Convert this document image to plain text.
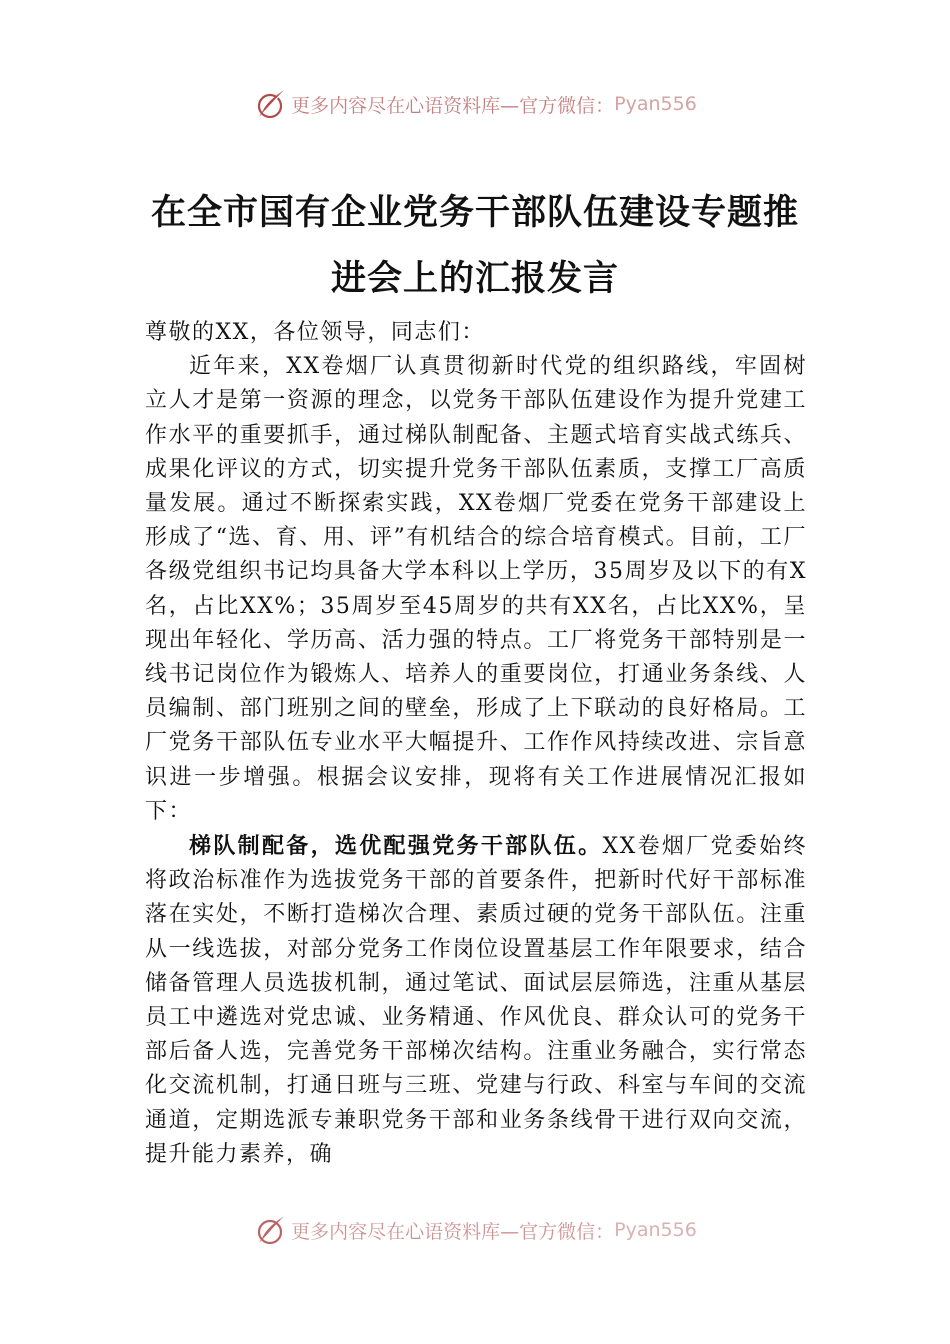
更多内容尽在心语资料库—官方微信： Pyan556
在全市国有企业党务干部队伍建设专题推进会上的汇报发言

尊敬的XX，各位领导，同志们：

近年来，XX卷烟厂认真贯彻新时代党的组织路线，牢固树立人才是第一资源的理念，以党务干部队伍建设作为提升党建工作水平的重要抓手，通过梯队制配备、主题式培育实战式练兵、成果化评议的方式，切实提升党务干部队伍素质，支撑工厂高质量发展。通过不断探索实践，XX卷烟厂党委在党务干部建设上形成了“选、育、用、评”有机结合的综合培育模式。目前，工厂各级党组织书记均具备大学本科以上学历，35周岁及以下的有X名，占比XX%；35周岁至45周岁的共有XX名，占比XX%，呈现出年轻化、学历高、活力强的特点。工厂将党务干部特别是一线书记岗位作为锻炼人、培养人的重要岗位，打通业务条线、人员编制、部门班别之间的壁垒，形成了上下联动的良好格局。工厂党务干部队伍专业水平大幅提升、工作作风持续改进、宗旨意识进一步增强。根据会议安排，现将有关工作进展情况汇报如下：

梯队制配备，选优配强党务干部队伍。XX卷烟厂党委始终将政治标准作为选拔党务干部的首要条件，把新时代好干部标准落在实处，不断打造梯次合理、素质过硬的党务干部队伍。注重从一线选拔，对部分党务工作岗位设置基层工作年限要求，结合储备管理人员选拔机制，通过笔试、面试层层筛选，注重从基层员工中遴选对党忠诚、业务精通、作风优良、群众认可的党务干部后备人选，完善党务干部梯次结构。注重业务融合，实行常态化交流机制，打通日班与三班、党建与行政、科室与车间的交流通道，定期选派专兼职党务干部和业务条线骨干进行双向交流，提升能力素养，确

更多内容尽在心语资料库—官方微信： Pyan556
